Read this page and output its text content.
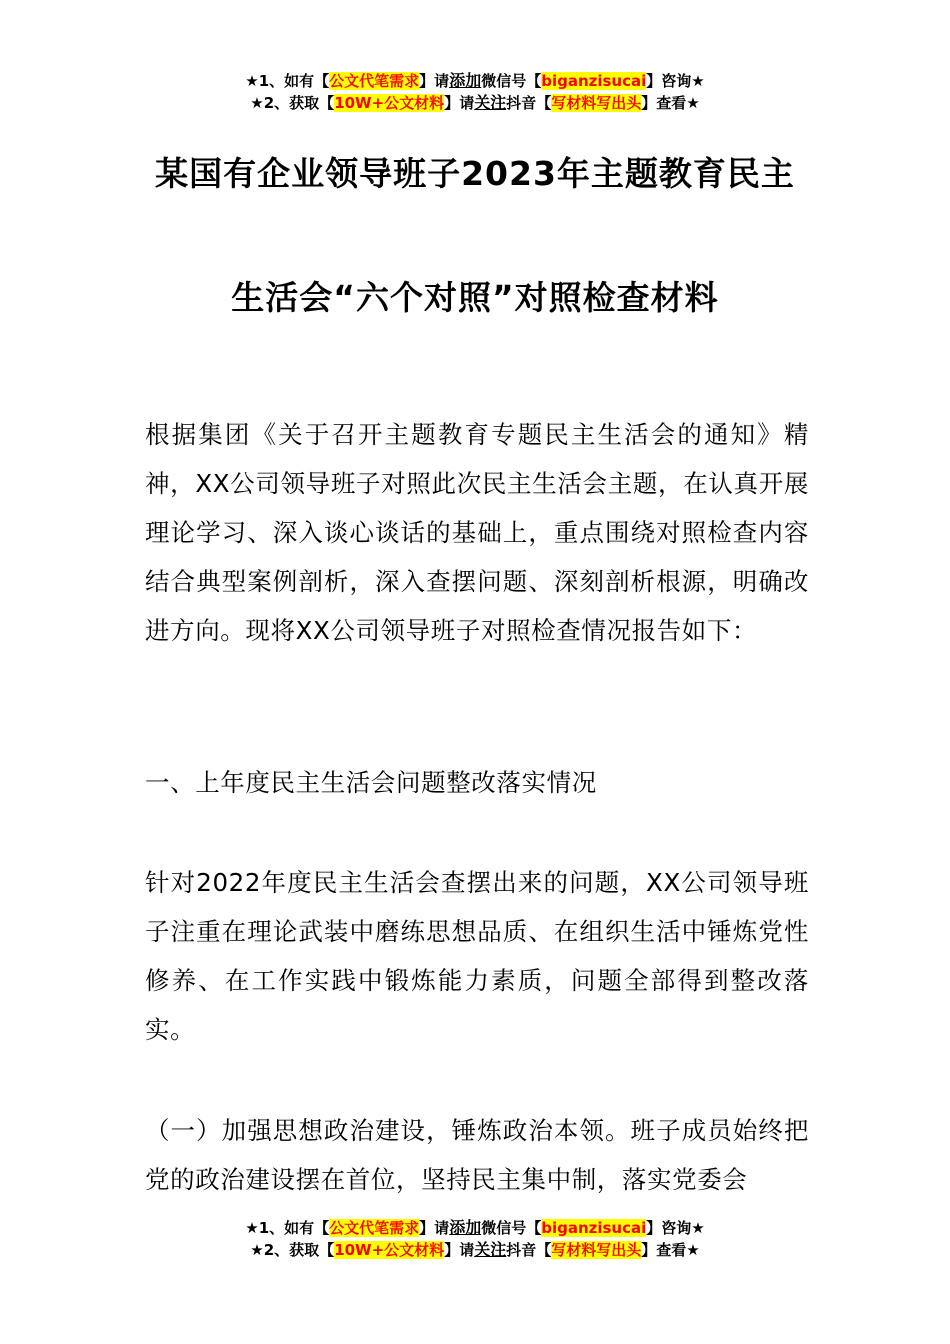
★1、如有【公文代笔需求】请添加微信号【biganzisucai】咨询★
★2、获取【10W+公文材料】请关注抖音【写材料写出头】查看★
某国有企业领导班子2023年主题教育民主
生活会“六个对照”对照检查材料

根据集团《关于召开主题教育专题民主生活会的通知》精神，XX公司领导班子对照此次民主生活会主题，在认真开展理论学习、深入谈心谈话的基础上，重点围绕对照检查内容结合典型案例剖析，深入查摆问题、深刻剖析根源，明确改进方向。现将XX公司领导班子对照检查情况报告如下：

一、上年度民主生活会问题整改落实情况

针对2022年度民主生活会查摆出来的问题，XX公司领导班子注重在理论武装中磨练思想品质、在组织生活中锤炼党性修养、在工作实践中锻炼能力素质，问题全部得到整改落实。

（一）加强思想政治建设，锤炼政治本领。班子成员始终把党的政治建设摆在首位，坚持民主集中制，落实党委会

★1、如有【公文代笔需求】请添加微信号【biganzisucai】咨询★
★2、获取【10W+公文材料】请关注抖音【写材料写出头】查看★
